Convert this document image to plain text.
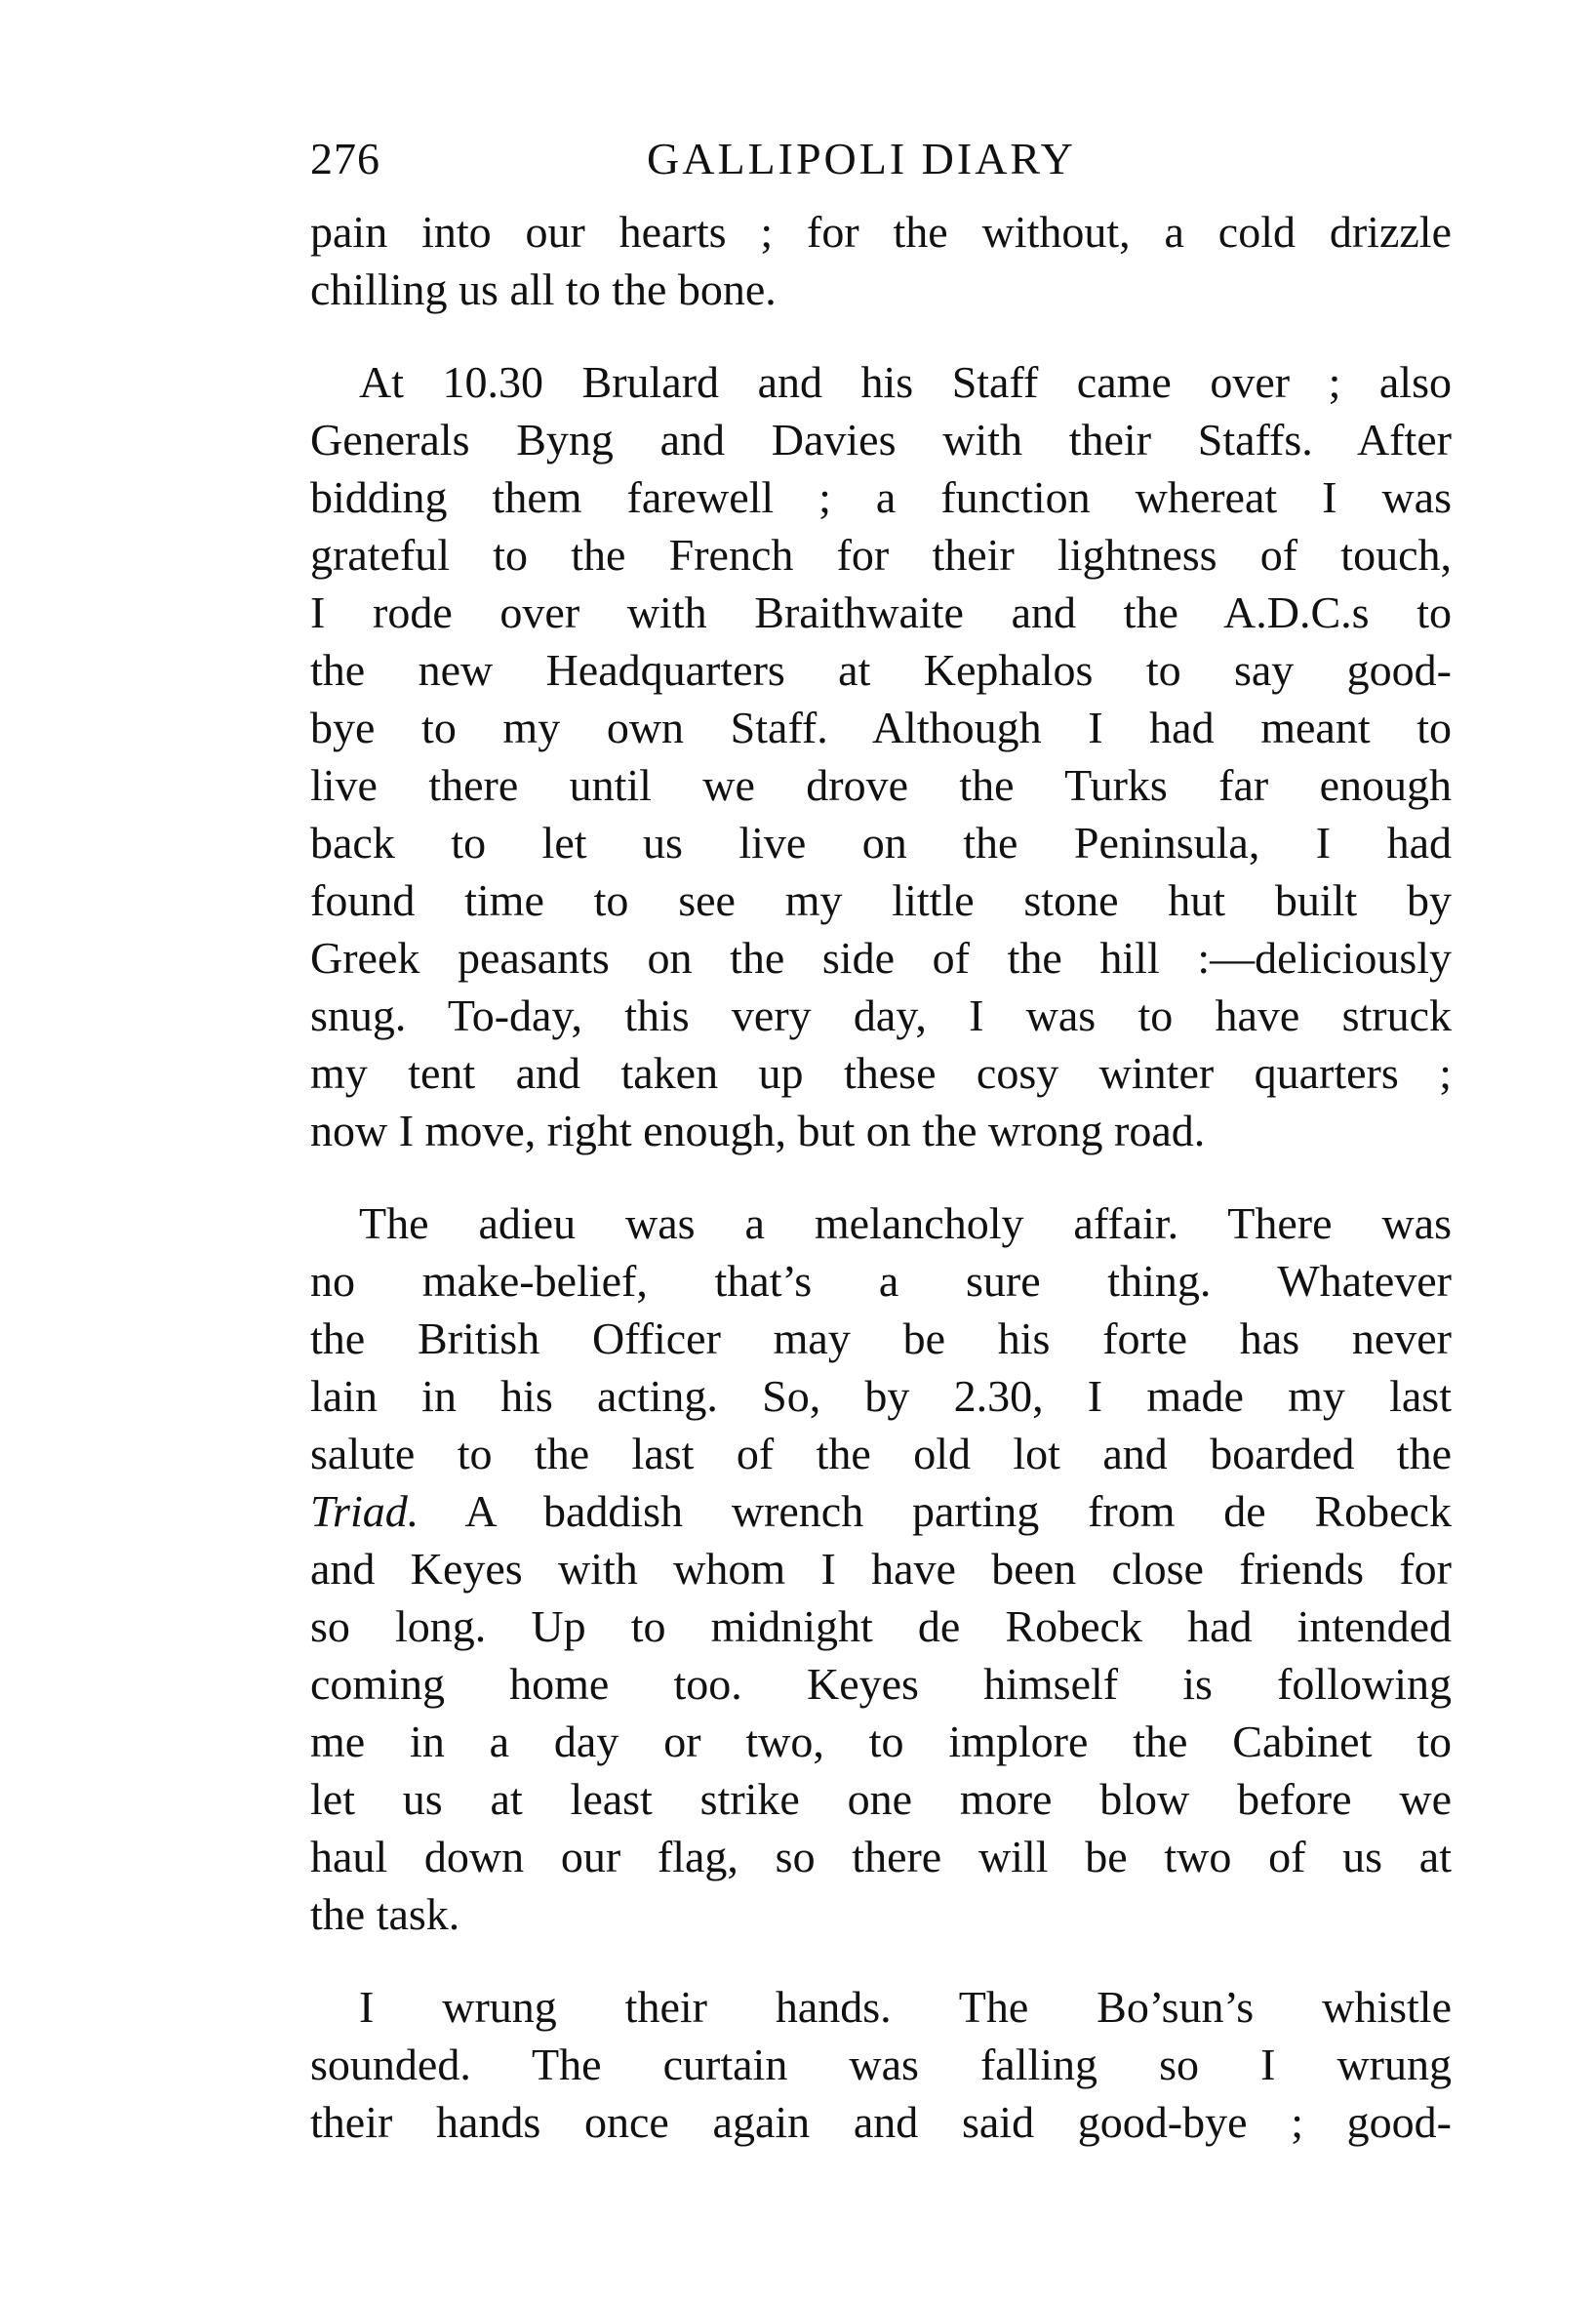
276	GALLIPOLI DIARY
pain into our hearts ; for the without, a cold drizzle
chilling us all to the bone.
At 10.30 Brulard and his Staff came over ; also
Generals Byng and Davies with their Staffs. After
bidding them farewell ; a function whereat I was
grateful to the French for their lightness of touch,
I rode over with Braithwaite and the A.D.C.s to
the new Headquarters at Kephalos to say good-
bye to my own Staff. Although I had meant to
live there until we drove the Turks far enough
back to let us live on the Peninsula, I had
found time to see my little stone hut built by
Greek peasants on the side of the hill :—deliciously
snug. To-day, this very day, I was to have struck
my tent and taken up these cosy winter quarters ;
now I move, right enough, but on the wrong road.
The adieu was a melancholy affair. There was
no make-belief, that’s a sure thing. Whatever
the British Officer may be his forte has never
lain in his acting. So, by 2.30, I made my last
salute to the last of the old lot and boarded the
Triad. A baddish wrench parting from de Robeck
and Keyes with whom I have been close friends for
so long. Up to midnight de Robeck had intended
coming home too. Keyes himself is following
me in a day or two, to implore the Cabinet to
let us at least strike one more blow before we
haul down our flag, so there will be two of us at
the task.
I wrung their hands. The Bo’sun’s whistle
sounded. The curtain was falling so I wrung
their hands once again and said good-bye ; good-
